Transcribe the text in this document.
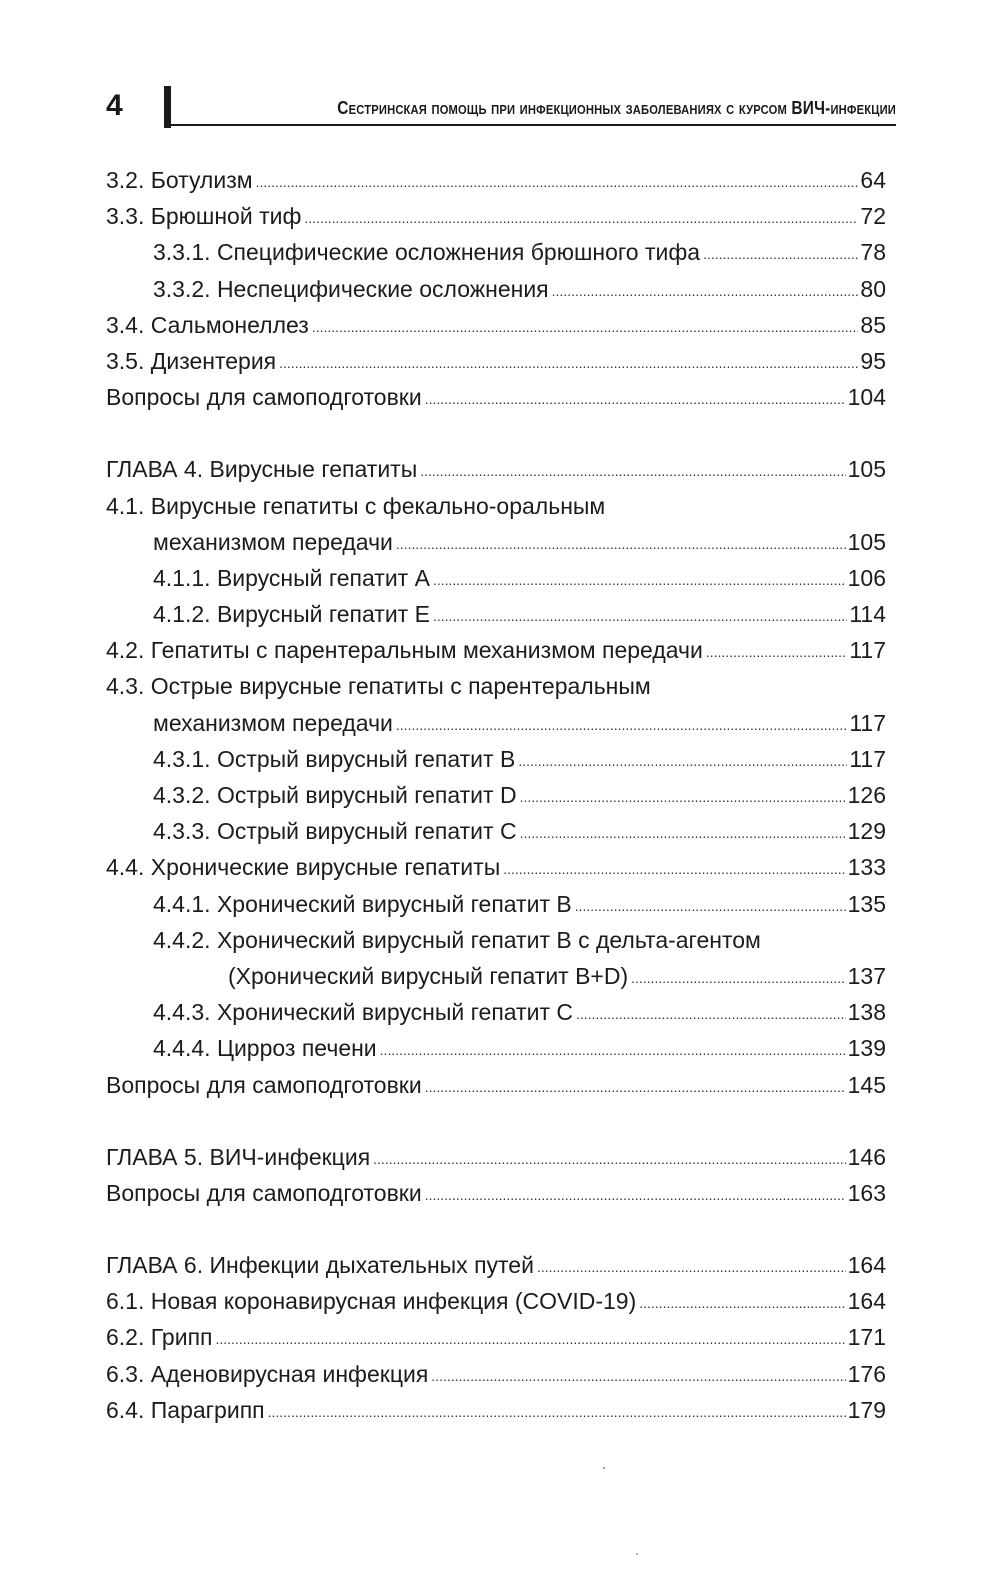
4	Сестринская помощь при инфекционных заболеваниях с курсом ВИЧ-инфекции
3.2. Ботулизм .....	64
3.3. Брюшной тиф .....	72
3.3.1. Специфические осложнения брюшного тифа .....	78
3.3.2. Неспецифические осложнения .....	80
3.4. Сальмонеллез .....	85
3.5. Дизентерия .....	95
Вопросы для самоподготовки .....	104
ГЛАВА 4. Вирусные гепатиты .....	105
4.1. Вирусные гепатиты с фекально-оральным
механизмом передачи .....	105
4.1.1. Вирусный гепатит А .....	106
4.1.2. Вирусный гепатит Е .....	114
4.2. Гепатиты с парентеральным механизмом передачи .....	117
4.3. Острые вирусные гепатиты с парентеральным
механизмом передачи .....	117
4.3.1. Острый вирусный гепатит В .....	117
4.3.2. Острый вирусный гепатит D .....	126
4.3.3. Острый вирусный гепатит С .....	129
4.4. Хронические вирусные гепатиты .....	133
4.4.1. Хронический вирусный гепатит В .....	135
4.4.2. Хронический вирусный гепатит В с дельта-агентом
(Хронический вирусный гепатит В+D) .....	137
4.4.3. Хронический вирусный гепатит С .....	138
4.4.4. Цирроз печени .....	139
Вопросы для самоподготовки .....	145
ГЛАВА 5. ВИЧ-инфекция .....	146
Вопросы для самоподготовки .....	163
ГЛАВА 6. Инфекции дыхательных путей .....	164
6.1. Новая коронавирусная инфекция (COVID-19) .....	164
6.2. Грипп .....	171
6.3. Аденовирусная инфекция .....	176
6.4. Парагрипп .....	179
